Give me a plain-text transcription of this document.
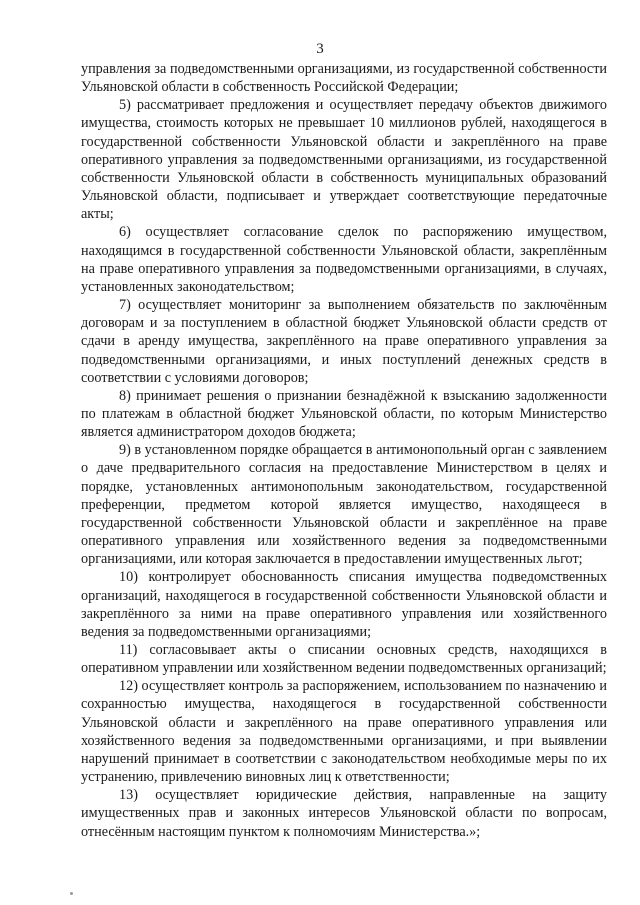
3

управления за подведомственными организациями, из государственной собственности Ульяновской области в собственность Российской Федерации;

5) рассматривает предложения и осуществляет передачу объектов движимого имущества, стоимость которых не превышает 10 миллионов рублей, находящегося в государственной собственности Ульяновской области и закреплённого на праве оперативного управления за подведомственными организациями, из государственной собственности Ульяновской области в собственность муниципальных образований Ульяновской области, подписывает и утверждает соответствующие передаточные акты;

6) осуществляет согласование сделок по распоряжению имуществом, находящимся в государственной собственности Ульяновской области, закреплённым на праве оперативного управления за подведомственными организациями, в случаях, установленных законодательством;

7) осуществляет мониторинг за выполнением обязательств по заключённым договорам и за поступлением в областной бюджет Ульяновской области средств от сдачи в аренду имущества, закреплённого на праве оперативного управления за подведомственными организациями, и иных поступлений денежных средств в соответствии с условиями договоров;

8) принимает решения о признании безнадёжной к взысканию задолженности по платежам в областной бюджет Ульяновской области, по которым Министерство является администратором доходов бюджета;

9) в установленном порядке обращается в антимонопольный орган с заявлением о даче предварительного согласия на предоставление Министерством в целях и порядке, установленных антимонопольным законодательством, государственной преференции, предметом которой является имущество, находящееся в государственной собственности Ульяновской области и закреплённое на праве оперативного управления или хозяйственного ведения за подведомственными организациями, или которая заключается в предоставлении имущественных льгот;

10) контролирует обоснованность списания имущества подведомственных организаций, находящегося в государственной собственности Ульяновской области и закреплённого за ними на праве оперативного управления или хозяйственного ведения за подведомственными организациями;

11) согласовывает акты о списании основных средств, находящихся в оперативном управлении или хозяйственном ведении подведомственных организаций;

12) осуществляет контроль за распоряжением, использованием по назначению и сохранностью имущества, находящегося в государственной собственности Ульяновской области и закреплённого на праве оперативного управления или хозяйственного ведения за подведомственными организациями, и при выявлении нарушений принимает в соответствии с законодательством необходимые меры по их устранению, привлечению виновных лиц к ответственности;

13) осуществляет юридические действия, направленные на защиту имущественных прав и законных интересов Ульяновской области по вопросам, отнесённым настоящим пунктом к полномочиям Министерства.»;
